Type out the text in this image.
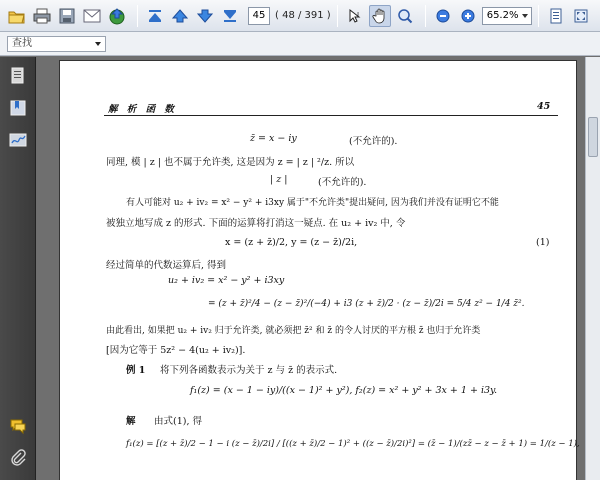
45
( 48 / 391 )	I	65.2%
查找
解 析 函 数	45
z̄ = x − iy	(不允许的).
同理, 模 | z | 也不属于允许类, 这是因为 z = | z | ²/z. 所以
| z |	(不允许的).
有人可能对 u₂ + iv₂ = x² − y² + i3xy 属于"不允许类"提出疑问, 因为我们并没有证明它不能
被独立地写成 z 的形式. 下面的运算将打消这一疑点. 在 u₂ + iv₂ 中, 令
x = (z + z̄)/2, y = (z − z̄)/2i,	(1)
经过简单的代数运算后, 得到
u₂ + iv₂ = x² − y² + i3xy
= (z + z̄)²/4 − (z − z̄)²/(−4) + i3 (z + z̄)/2 · (z − z̄)/2i = 5/4 z² − 1/4 z̄².
由此看出, 如果把 u₂ + iv₂ 归于允许类, 就必须把 z̄² 和 z̄ 的令人讨厌的平方根 z̄ 也归于允许类
[因为它等于 5z² − 4(u₂ + iv₂)].
例 1 将下列各函数表示为关于 z 与 z̄ 的表示式.
f₁(z) = (x − 1 − iy)/((x − 1)² + y²), f₂(z) = x² + y² + 3x + 1 + i3y.
解 由式(1), 得
f₁(z) = [(z + z̄)/2 − 1 − i (z − z̄)/2i] / [((z + z̄)/2 − 1)² + ((z − z̄)/2i)²] = (z̄ − 1)/(zz̄ − z − z̄ + 1) = 1/(z − 1),
